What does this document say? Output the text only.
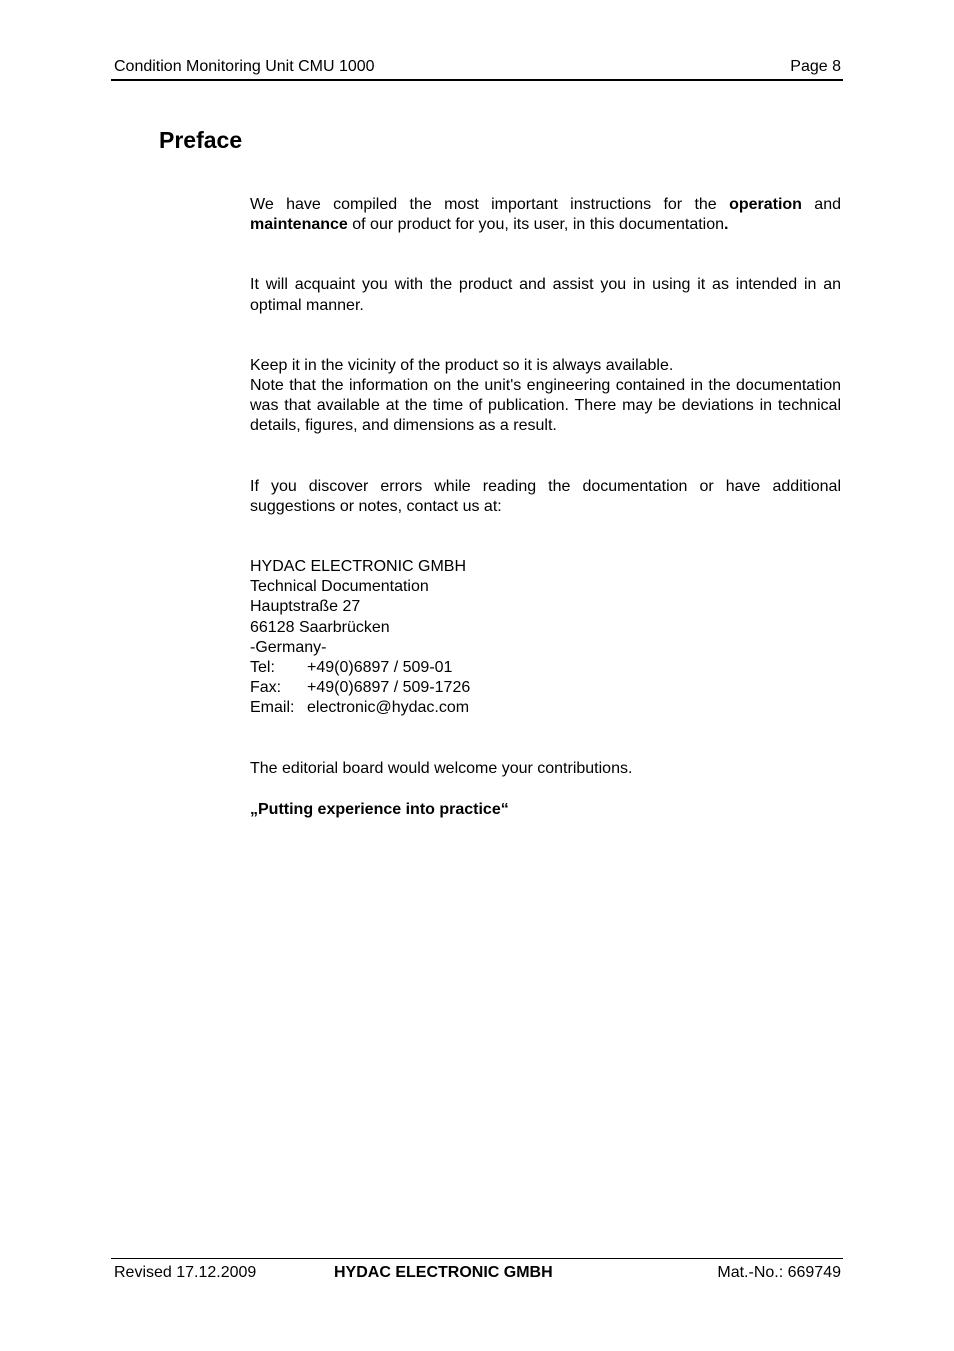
Condition Monitoring Unit CMU 1000	Page 8
Preface

We have compiled the most important instructions for the operation and maintenance of our product for you, its user, in this documentation.

It will acquaint you with the product and assist you in using it as intended in an optimal manner.

Keep it in the vicinity of the product so it is always available.

Note that the information on the unit's engineering contained in the documentation was that available at the time of publication. There may be deviations in technical details, figures, and dimensions as a result.

If you discover errors while reading the documentation or have additional suggestions or notes, contact us at:

HYDAC ELECTRONIC GMBH

Technical Documentation

Hauptstraße 27

66128 Saarbrücken

-Germany-

Tel:	+49(0)6897 / 509-01

Fax:	+49(0)6897 / 509-1726

Email: electronic@hydac.com

The editorial board would welcome your contributions.

„Putting experience into practice“

Revised 17.12.2009	HYDAC ELECTRONIC GMBH	Mat.-No.: 669749
